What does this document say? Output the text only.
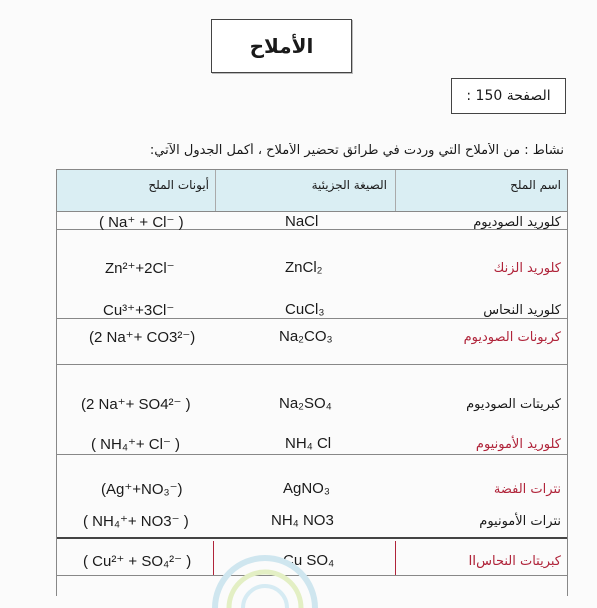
الأملاح
الصفحة 150 :
نشاط : من الأملاح التي وردت في طرائق تحضير الأملاح ، أكمل الجدول الآتي:
أيونات الملح	الصيغة الجزيئية	اسم الملح
( Na⁺ + Cl⁻ )	NaCl	كلوريد الصوديوم
Zn²⁺+2Cl⁻	ZnCl₂	كلوريد الزنك
Cu³⁺+3Cl⁻	CuCl₃	كلوريد النحاس
(2 Na⁺+ CO3²⁻)	Na₂CO₃	كربونات الصوديوم
(2 Na⁺+ SO4²⁻ )	Na₂SO₄	كبريتات الصوديوم
( NH₄⁺+ Cl⁻ )	NH₄ Cl	كلوريد الأمونيوم
(Ag⁺+NO₃⁻)	AgNO₃	نترات الفضة
( NH₄⁺+ NO3⁻ )	NH₄ NO3	نترات الأمونيوم
( Cu²⁺ + SO₄²⁻ )	Cu SO₄	كبريتات النحاسII
